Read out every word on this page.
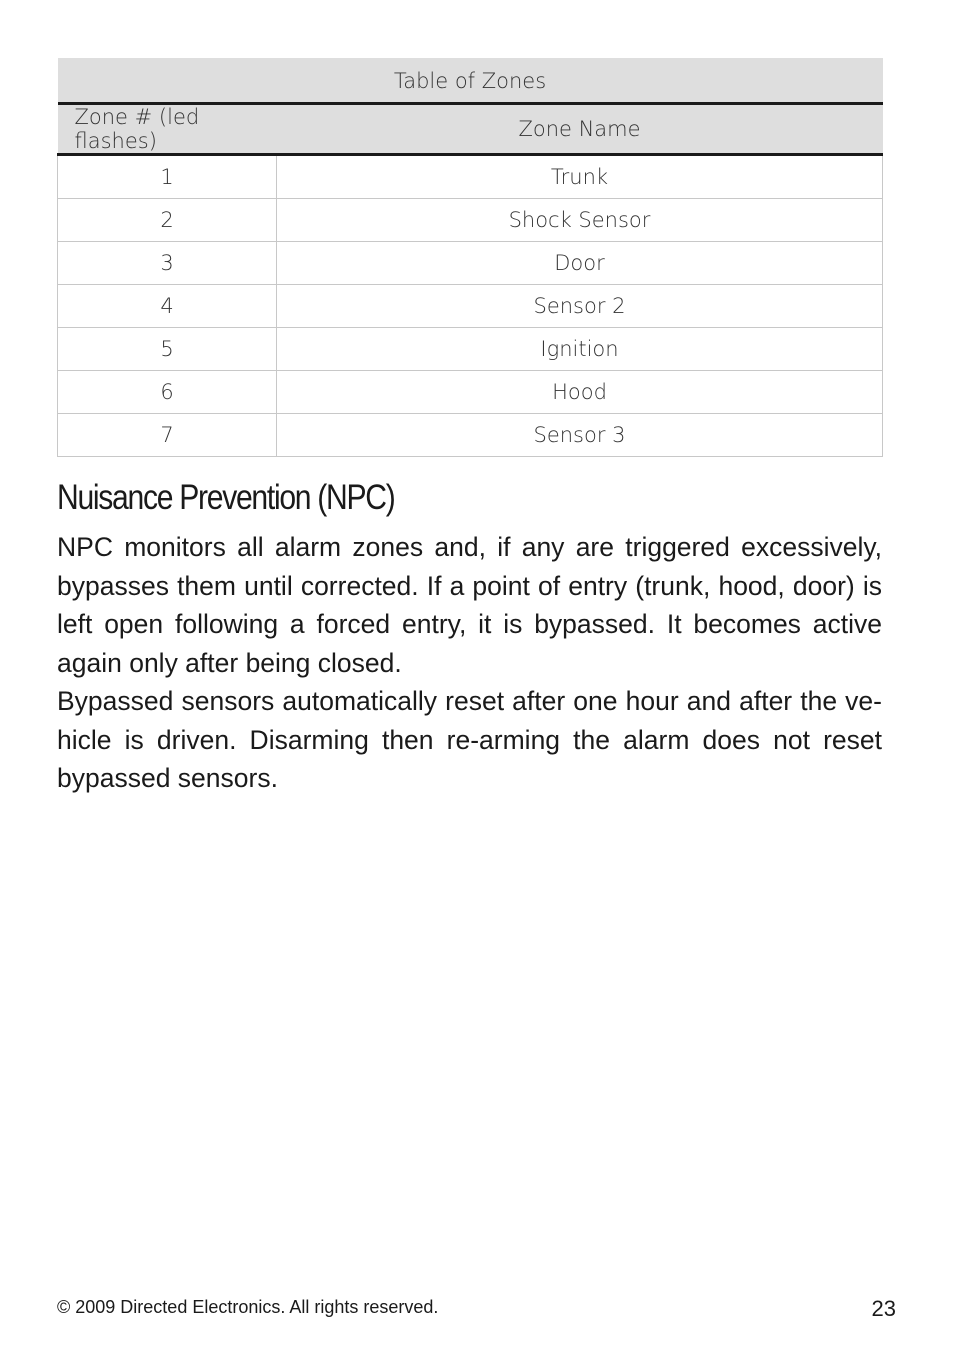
Table of Zones	
Zone # (led flashes)	Zone Name
1	Trunk
2	Shock Sensor
3	Door
4	Sensor 2
5	Ignition
6	Hood
7	Sensor 3
Nuisance Prevention (NPC)

NPC monitors all alarm zones and, if any are triggered excessively, bypasses them until corrected. If a point of entry (trunk, hood, door) is left open following a forced entry, it is bypassed. It becomes active again only after being closed.

Bypassed sensors automatically reset after one hour and after the vehicle is driven. Disarming then re-arming the alarm does not reset bypassed sensors.

© 2009 Directed Electronics. All rights reserved.	23
